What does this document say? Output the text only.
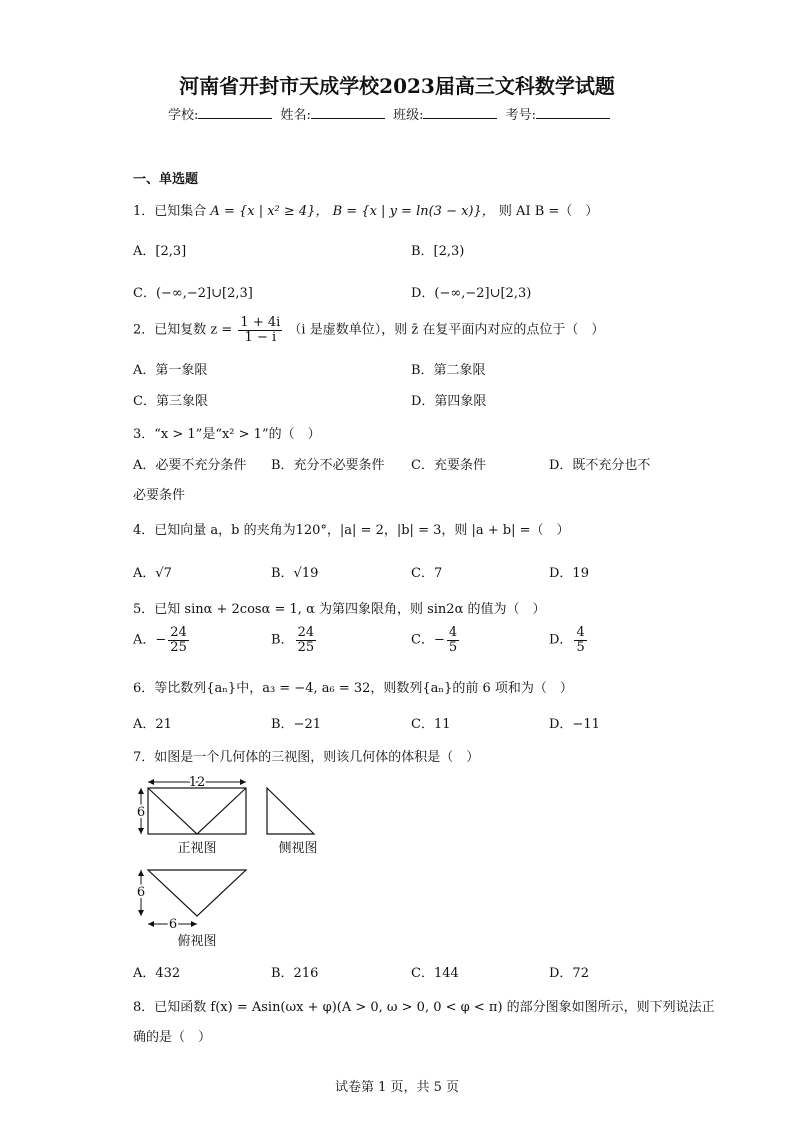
河南省开封市天成学校2023届高三文科数学试题
学校:	姓名:	班级:	考号:
一、单选题
1．已知集合 A = {x | x² ≥ 4}， B = {x | y = ln(3 − x)}， 则 AI B =（　）
A．[2,3]	B．[2,3)
C．(−∞,−2]∪[2,3]	D．(−∞,−2]∪[2,3)
2．已知复数 $z = \frac{1 + 4i}{1 - i} (i$ 是虚数单位），则 z̄ 在复平面内对应的点位于（　）
A．第一象限	B．第二象限
C．第三象限	D．第四象限
3．“x > 1”是“x² > 1”的（　）
A．必要不充分条件 B．充分不必要条件 C．充要条件	D．既不充分也不
必要条件
4．已知向量 a，b 的夹角为120°，|a| = 2，|b| = 3，则 |a + b| =（　）
A．√7	B．√19	C．7	D．19
5．已知 sinα + 2cosα = 1, α 为第四象限角，则 sin2α 的值为（　）
A．− $\frac{24}{25}$	B． $\frac{24}{25}$	C．− $\frac{4}{5}$	D． $\frac{4}{5}$
6．等比数列{aₙ}中，a₃ = −4, a₆ = 32，则数列{aₙ}的前 6 项和为（　）
A．21	B．−21	C．11	D．−11
7．如图是一个几何体的三视图，则该几何体的体积是（　）
12
6
正视图	侧视图
6
6
俯视图
A．432	B．216	C．144	D．72
8．已知函数 f(x) = Asin(ωx + φ)(A > 0, ω > 0, 0 < φ < π) 的部分图象如图所示，则下列说法正
确的是（　）
试卷第 1 页，共 5 页
